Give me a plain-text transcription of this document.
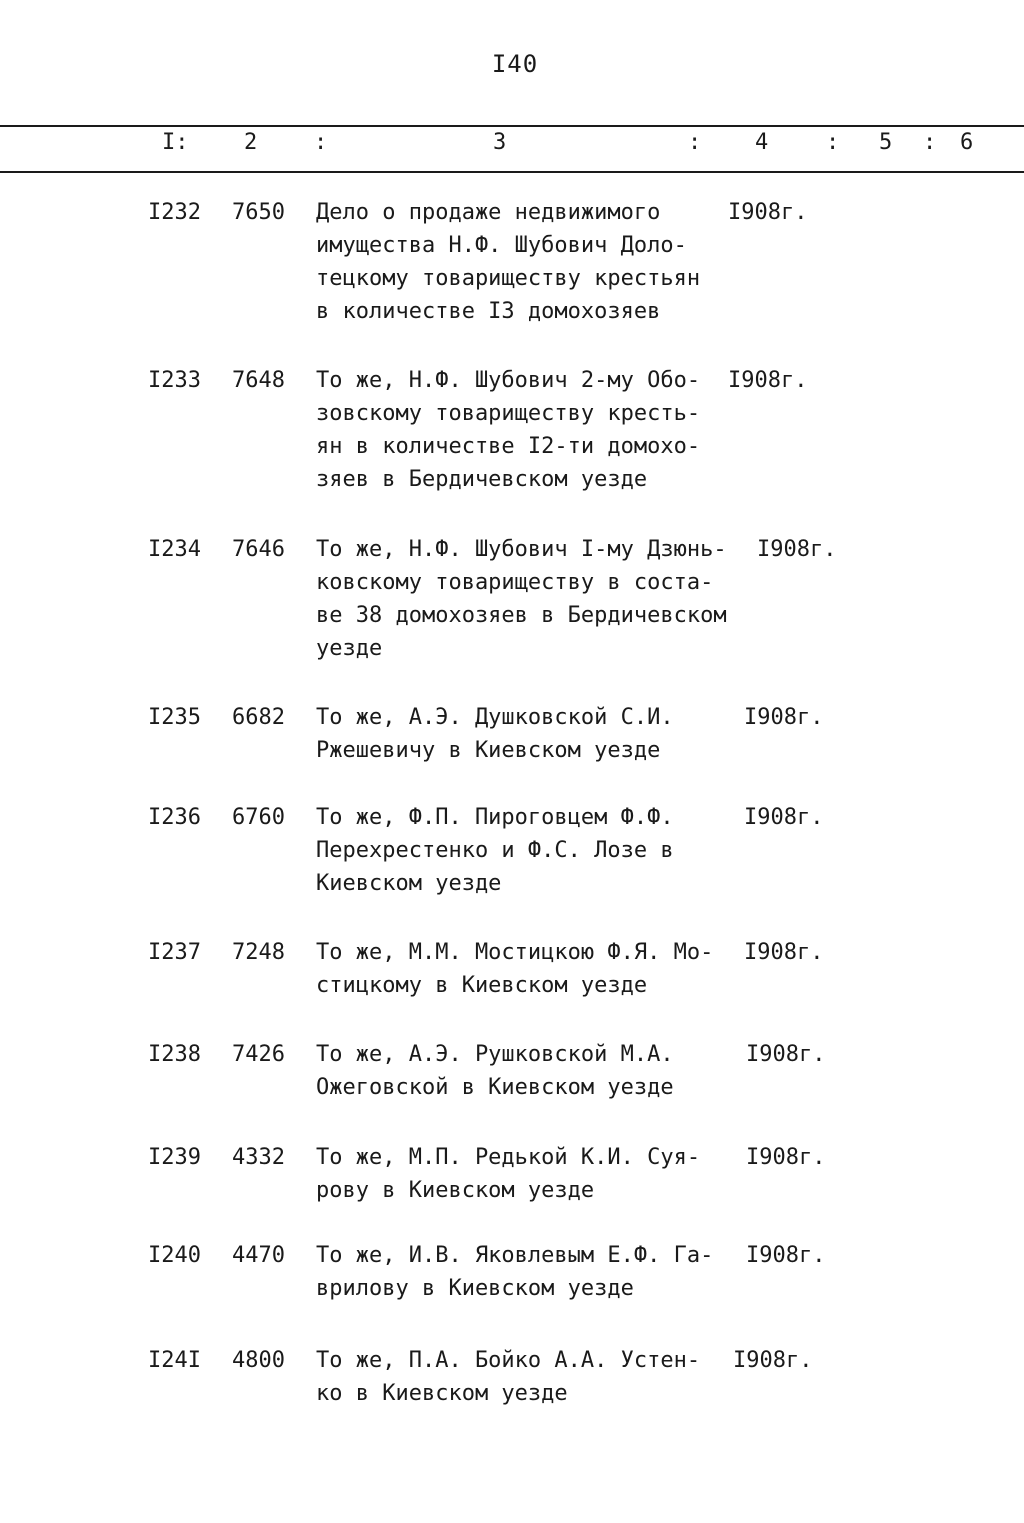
I40
I:	2	:	3	: 4	: 5 : 6
I232 7650 Дело о продаже недвижимого
имущества Н.Ф. Шубович Доло-
тецкому товариществу крестьян
в количестве I3 домохозяев
I908г.
I233 7648 То же, Н.Ф. Шубович 2-му Обо-
зовскому товариществу кресть-
ян в количестве I2-ти домохо-
зяев в Бердичевском уезде
I908г.
I234 7646 То же, Н.Ф. Шубович I-му Дзюнь-
ковскому товариществу в соста-
ве 38 домохозяев в Бердичевском
уезде
I908г.
I235 6682 То же, А.Э. Душковской С.И.
Ржешевичу в Киевском уезде
I908г.
I236 6760 То же, Ф.П. Пироговцем Ф.Ф.
Перехрестенко и Ф.С. Лозе в
Киевском уезде
I908г.
I237 7248 То же, М.М. Мостицкою Ф.Я. Мо-
стицкому в Киевском уезде
I908г.
I238 7426 То же, А.Э. Рушковской М.А.
Ожеговской в Киевском уезде
I908г.
I239 4332 То же, М.П. Редькой К.И. Суя-
рову в Киевском уезде
I908г.
I240 4470 То же, И.В. Яковлевым Е.Ф. Га-
врилову в Киевском уезде
I908г.
I24I 4800 То же, П.А. Бойко А.А. Устен-
ко в Киевском уезде
I908г.
